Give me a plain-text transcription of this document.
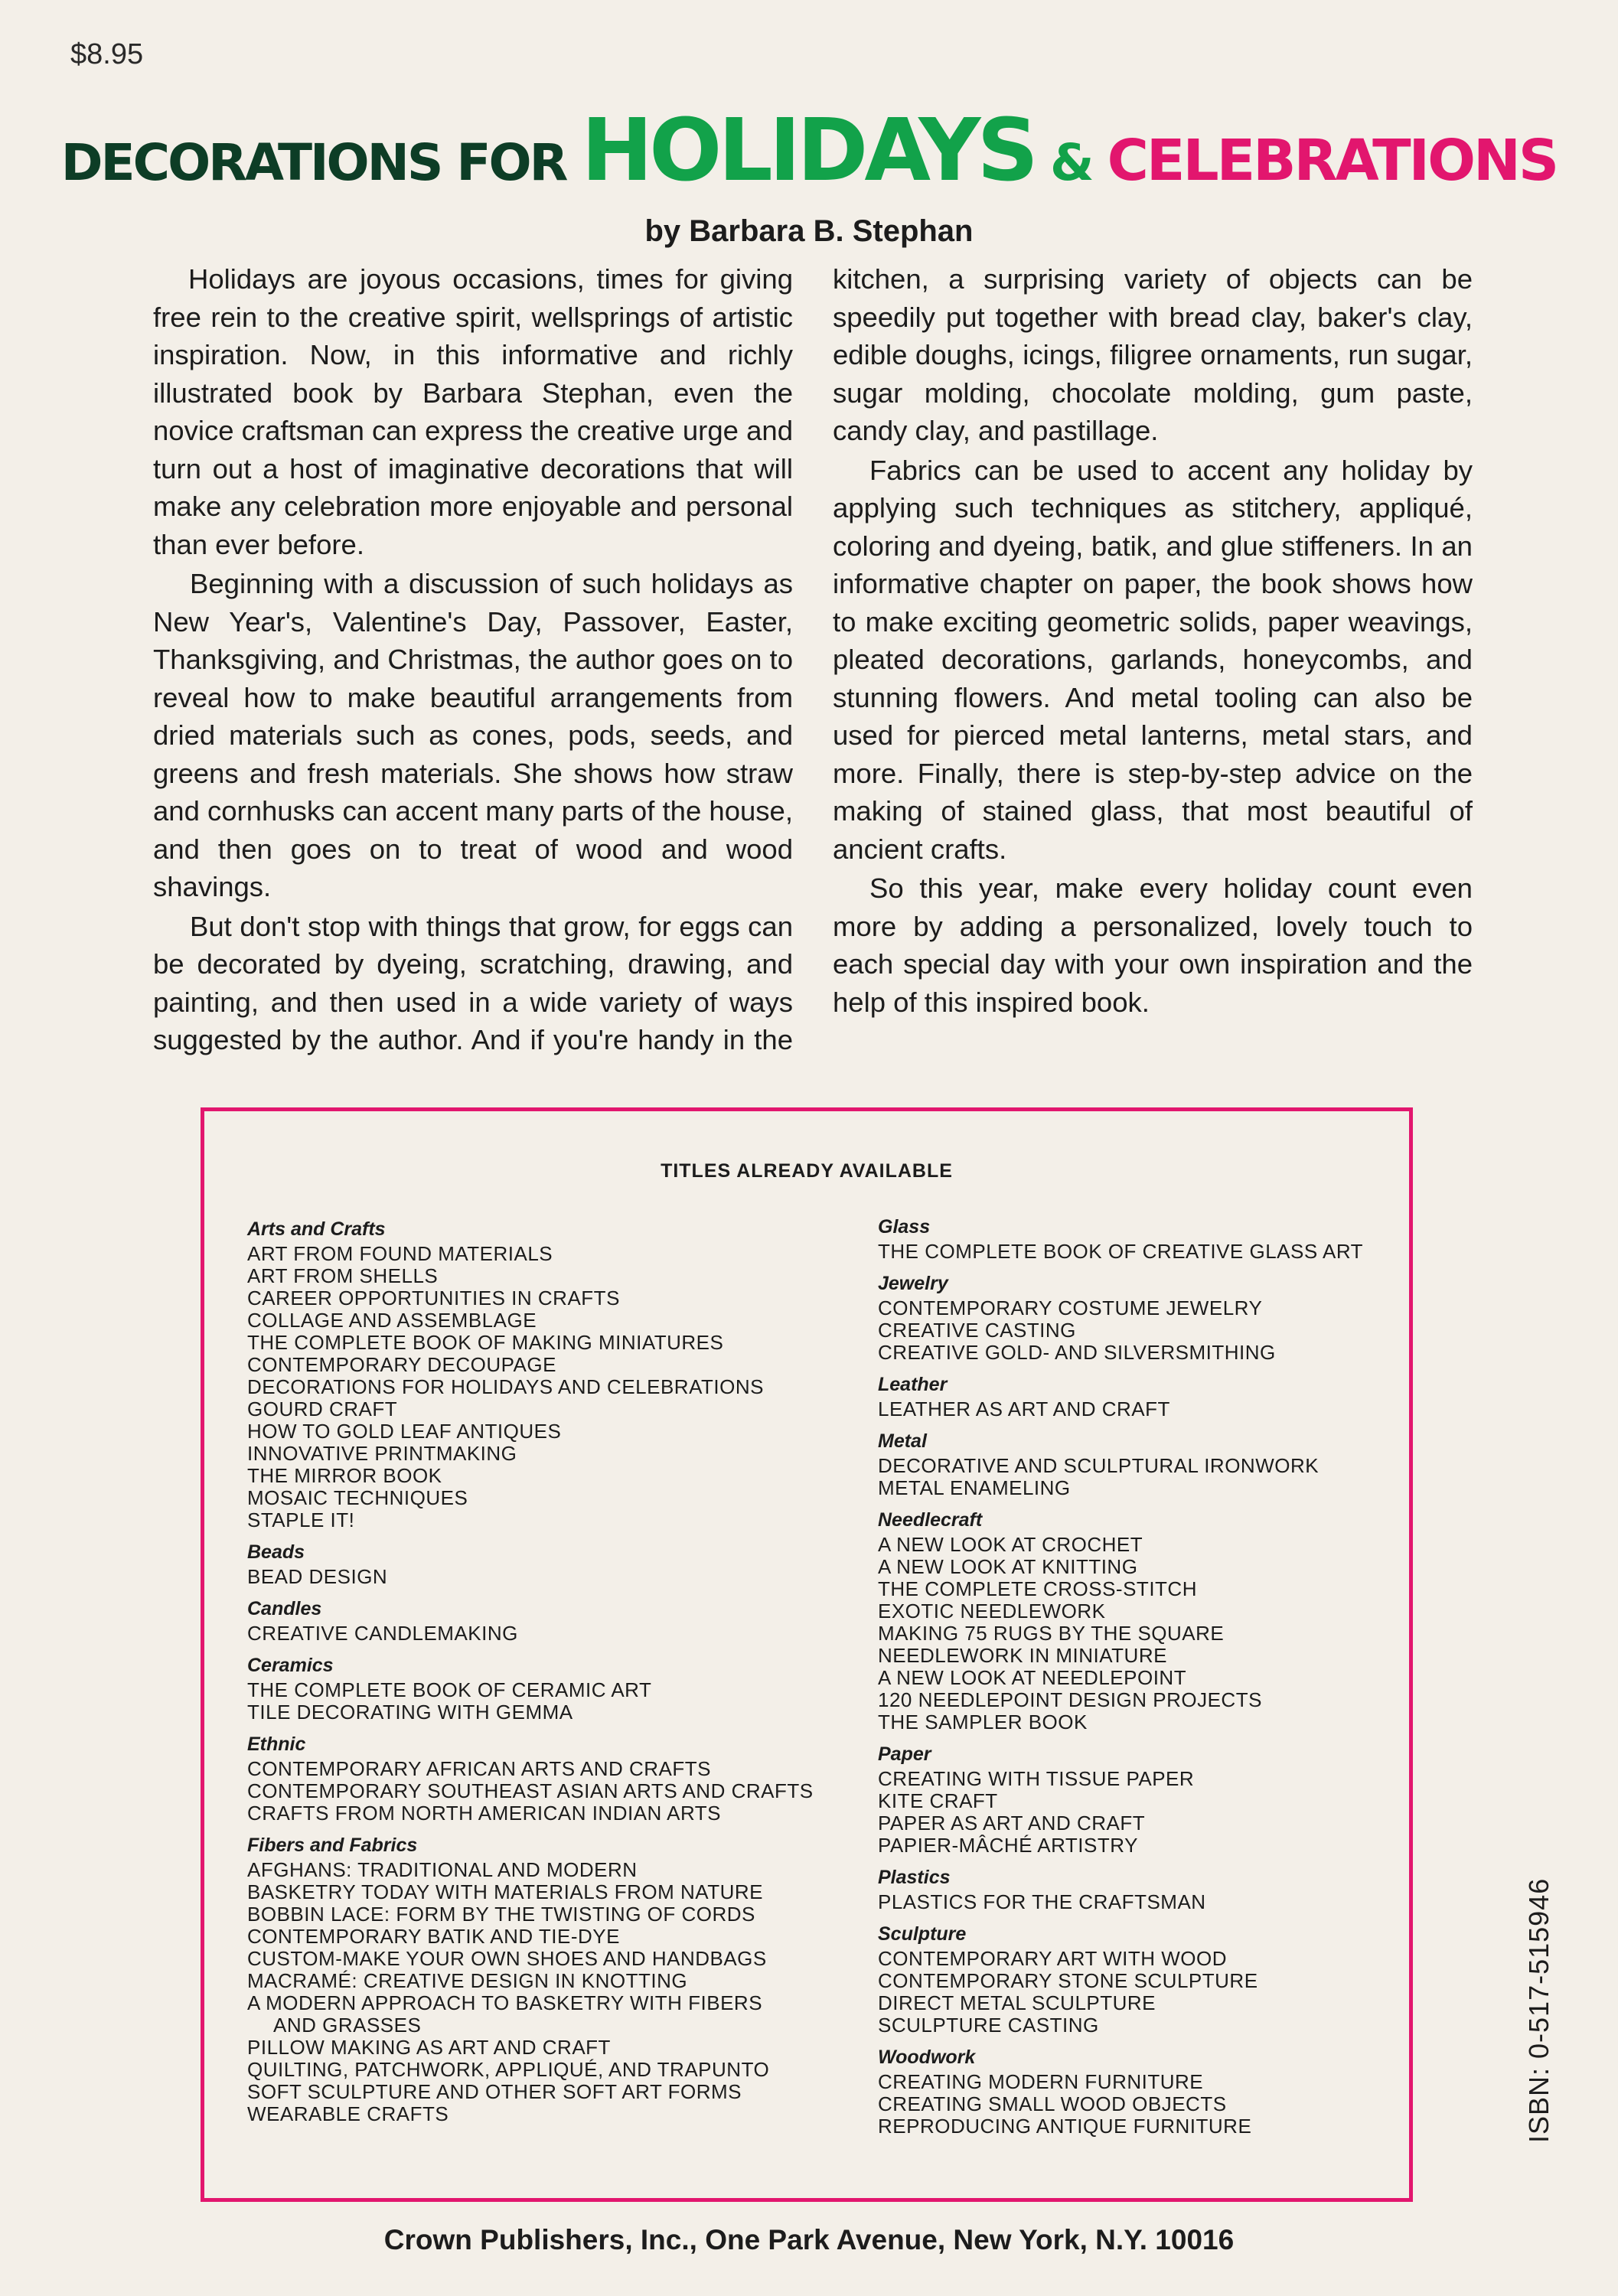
$8.95
DECORATIONS FOR HOLIDAYS & CELEBRATIONS
by Barbara B. Stephan

Holidays are joyous occasions, times for giving free rein to the creative spirit, wellsprings of artistic inspiration. Now, in this informative and richly illustrated book by Barbara Stephan, even the novice craftsman can express the creative urge and turn out a host of imaginative decorations that will make any celebration more enjoyable and personal than ever before.

Beginning with a discussion of such holidays as New Year's, Valentine's Day, Passover, Easter, Thanksgiving, and Christmas, the author goes on to reveal how to make beautiful arrangements from dried materials such as cones, pods, seeds, and greens and fresh materials. She shows how straw and cornhusks can accent many parts of the house, and then goes on to treat of wood and wood shavings.

But don't stop with things that grow, for eggs can be decorated by dyeing, scratching, drawing, and painting, and then used in a wide variety of ways suggested by the author. And if you're handy in the kitchen, a surprising variety of objects can be speedily put together with bread clay, baker's clay, edible doughs, icings, filigree ornaments, run sugar, sugar molding, chocolate molding, gum paste, candy clay, and pastillage.

Fabrics can be used to accent any holiday by applying such techniques as stitchery, appliqué, coloring and dyeing, batik, and glue stiffeners. In an informative chapter on paper, the book shows how to make exciting geometric solids, paper weavings, pleated decorations, garlands, honeycombs, and stunning flowers. And metal tooling can also be used for pierced metal lanterns, metal stars, and more. Finally, there is step-by-step advice on the making of stained glass, that most beautiful of ancient crafts.

So this year, make every holiday count even more by adding a personalized, lovely touch to each special day with your own inspiration and the help of this inspired book.

TITLES ALREADY AVAILABLE
Arts and Crafts
ART FROM FOUND MATERIALS
ART FROM SHELLS
CAREER OPPORTUNITIES IN CRAFTS
COLLAGE AND ASSEMBLAGE
THE COMPLETE BOOK OF MAKING MINIATURES
CONTEMPORARY DECOUPAGE
DECORATIONS FOR HOLIDAYS AND CELEBRATIONS
GOURD CRAFT
HOW TO GOLD LEAF ANTIQUES
INNOVATIVE PRINTMAKING
THE MIRROR BOOK
MOSAIC TECHNIQUES
STAPLE IT!
Beads
BEAD DESIGN
Candles
CREATIVE CANDLEMAKING
Ceramics
THE COMPLETE BOOK OF CERAMIC ART
TILE DECORATING WITH GEMMA
Ethnic
CONTEMPORARY AFRICAN ARTS AND CRAFTS
CONTEMPORARY SOUTHEAST ASIAN ARTS AND CRAFTS
CRAFTS FROM NORTH AMERICAN INDIAN ARTS
Fibers and Fabrics
AFGHANS: TRADITIONAL AND MODERN
BASKETRY TODAY WITH MATERIALS FROM NATURE
BOBBIN LACE: FORM BY THE TWISTING OF CORDS
CONTEMPORARY BATIK AND TIE-DYE
CUSTOM-MAKE YOUR OWN SHOES AND HANDBAGS
MACRAMÉ: CREATIVE DESIGN IN KNOTTING
A MODERN APPROACH TO BASKETRY WITH FIBERS
AND GRASSES
PILLOW MAKING AS ART AND CRAFT
QUILTING, PATCHWORK, APPLIQUÉ, AND TRAPUNTO
SOFT SCULPTURE AND OTHER SOFT ART FORMS
WEARABLE CRAFTS
Glass
THE COMPLETE BOOK OF CREATIVE GLASS ART
Jewelry
CONTEMPORARY COSTUME JEWELRY
CREATIVE CASTING
CREATIVE GOLD- AND SILVERSMITHING
Leather
LEATHER AS ART AND CRAFT
Metal
DECORATIVE AND SCULPTURAL IRONWORK
METAL ENAMELING
Needlecraft
A NEW LOOK AT CROCHET
A NEW LOOK AT KNITTING
THE COMPLETE CROSS-STITCH
EXOTIC NEEDLEWORK
MAKING 75 RUGS BY THE SQUARE
NEEDLEWORK IN MINIATURE
A NEW LOOK AT NEEDLEPOINT
120 NEEDLEPOINT DESIGN PROJECTS
THE SAMPLER BOOK
Paper
CREATING WITH TISSUE PAPER
KITE CRAFT
PAPER AS ART AND CRAFT
PAPIER-MÂCHÉ ARTISTRY
Plastics
PLASTICS FOR THE CRAFTSMAN
Sculpture
CONTEMPORARY ART WITH WOOD
CONTEMPORARY STONE SCULPTURE
DIRECT METAL SCULPTURE
SCULPTURE CASTING
Woodwork
CREATING MODERN FURNITURE
CREATING SMALL WOOD OBJECTS
REPRODUCING ANTIQUE FURNITURE
Crown Publishers, Inc., One Park Avenue, New York, N.Y. 10016
ISBN: 0-517-515946
